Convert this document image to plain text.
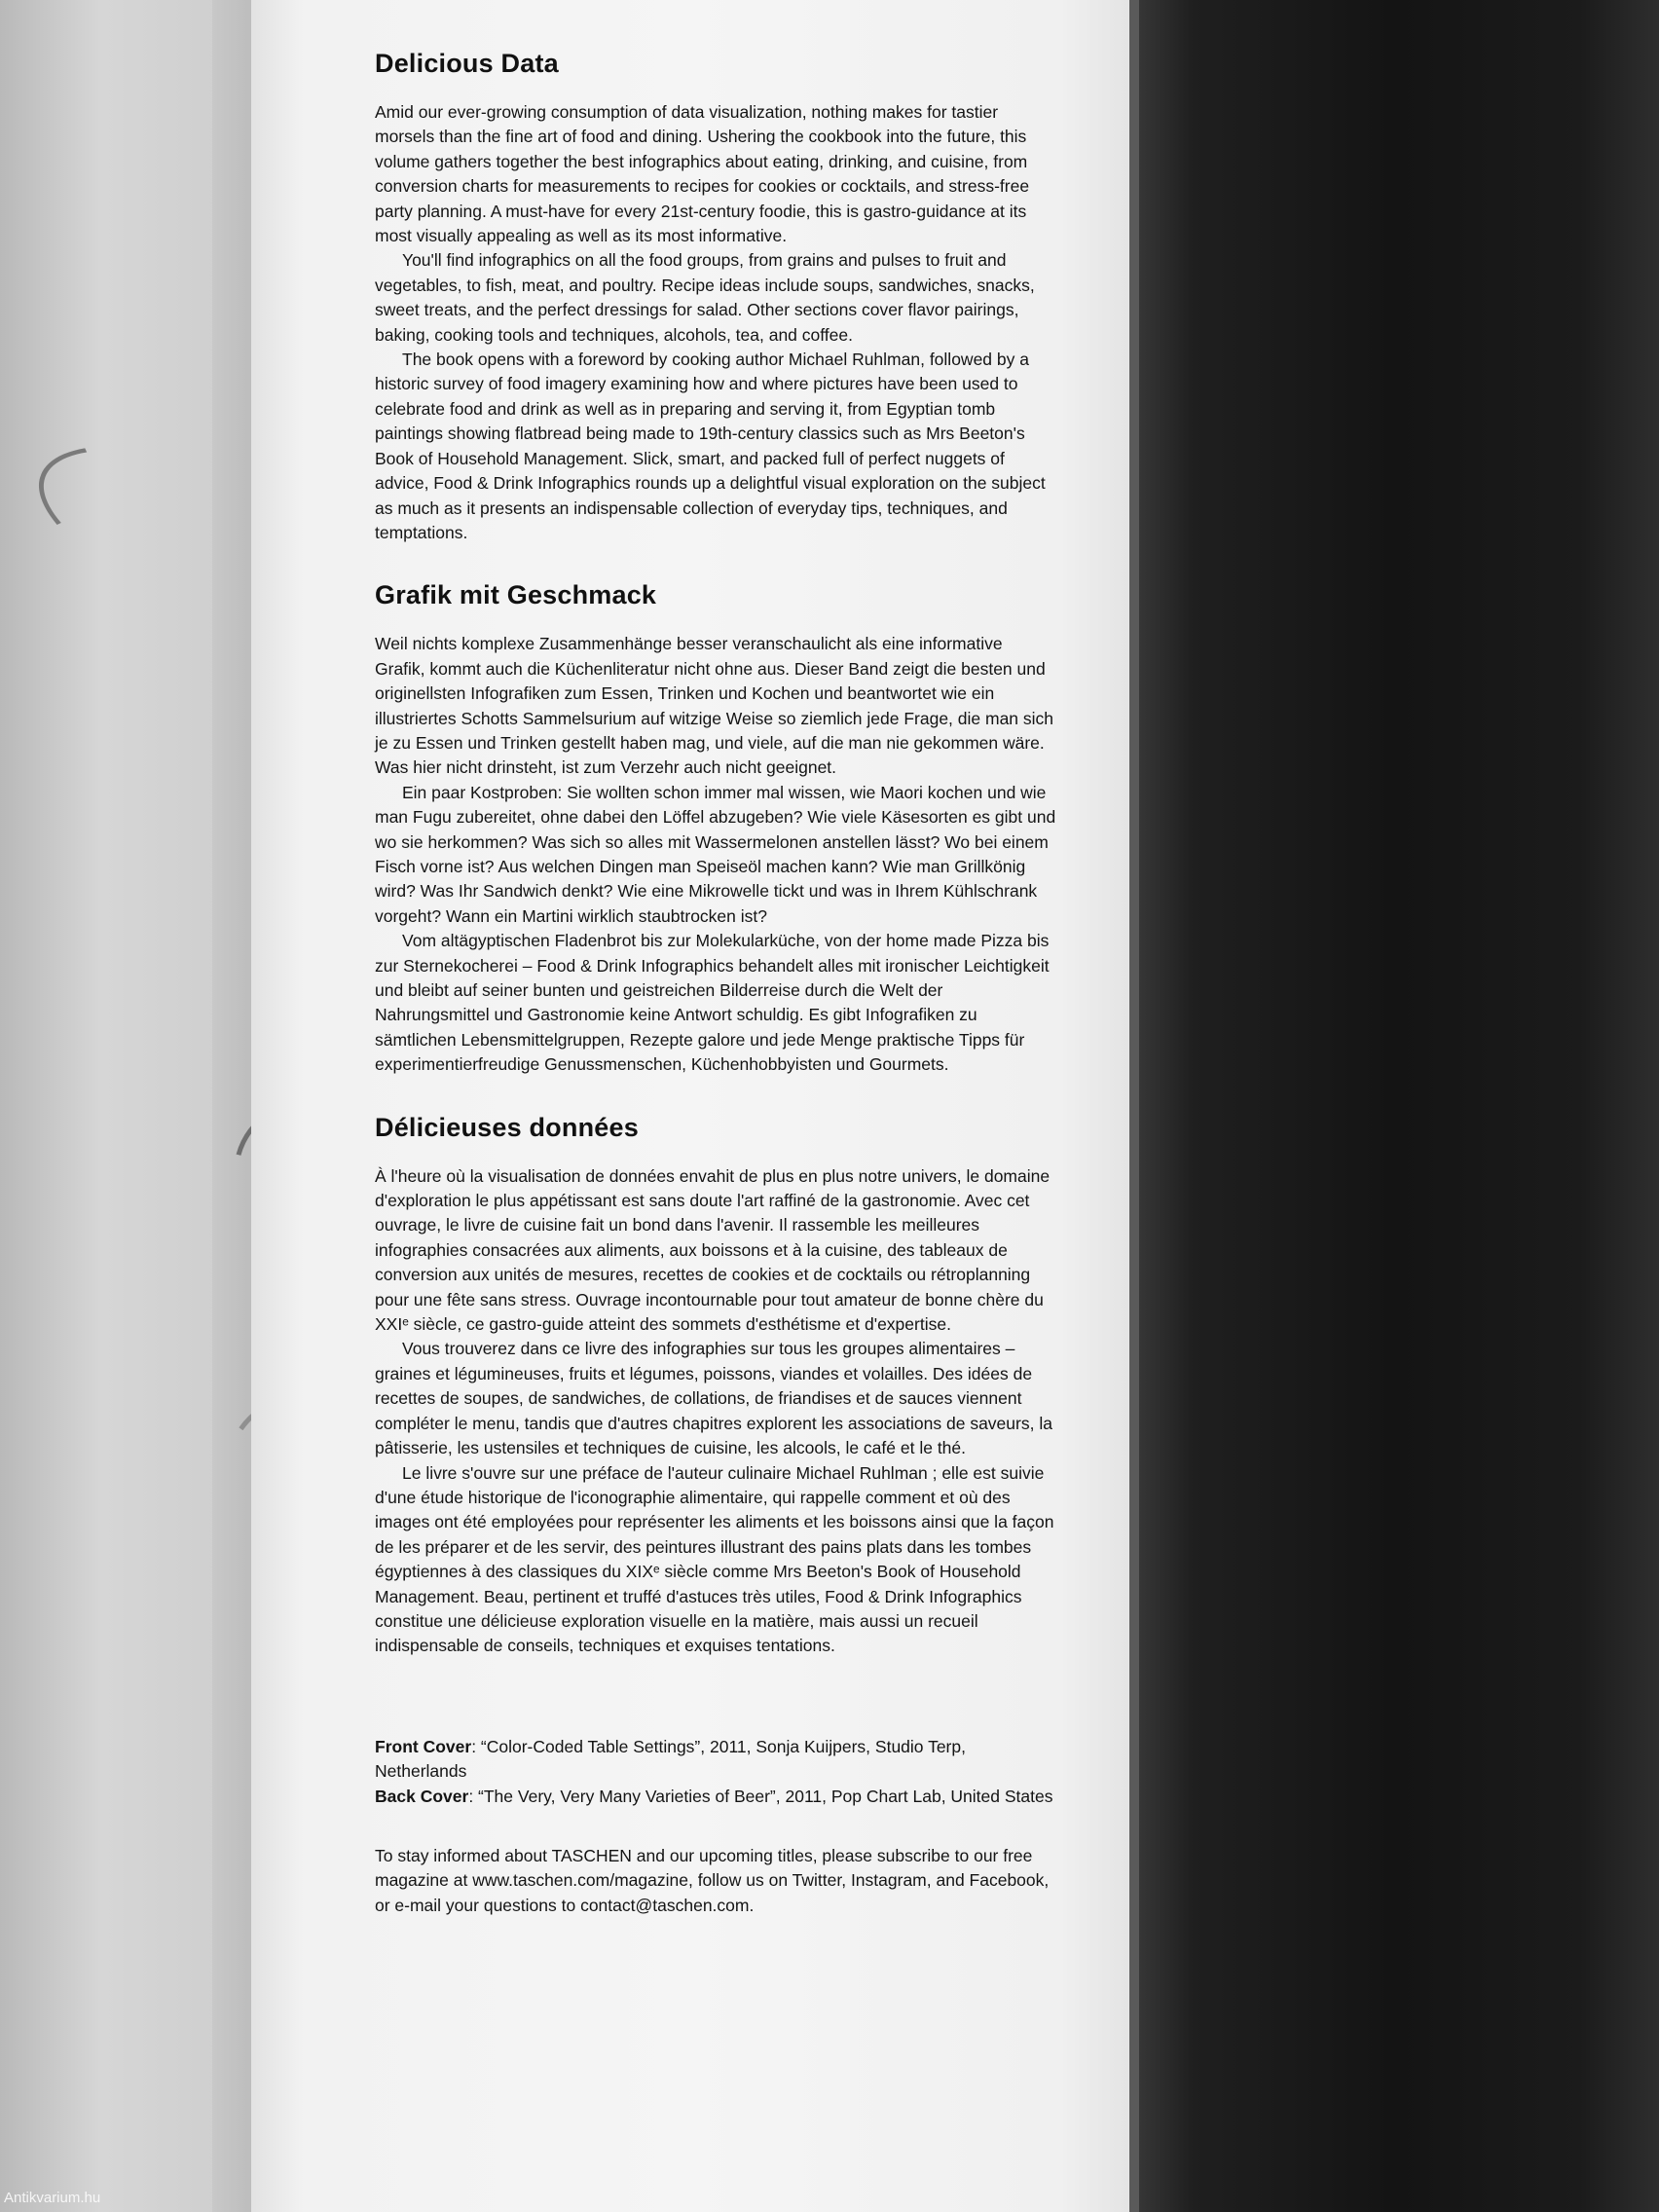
Delicious Data

Amid our ever-growing consumption of data visualization, nothing makes for tastier morsels than the fine art of food and dining. Ushering the cookbook into the future, this volume gathers together the best infographics about eating, drinking, and cuisine, from conversion charts for measurements to recipes for cookies or cocktails, and stress-free party planning. A must-have for every 21st-century foodie, this is gastro-guidance at its most visually appealing as well as its most informative.

You'll find infographics on all the food groups, from grains and pulses to fruit and vegetables, to fish, meat, and poultry. Recipe ideas include soups, sandwiches, snacks, sweet treats, and the perfect dressings for salad. Other sections cover flavor pairings, baking, cooking tools and techniques, alcohols, tea, and coffee.

The book opens with a foreword by cooking author Michael Ruhlman, followed by a historic survey of food imagery examining how and where pictures have been used to celebrate food and drink as well as in preparing and serving it, from Egyptian tomb paintings showing flatbread being made to 19th-century classics such as Mrs Beeton's Book of Household Management. Slick, smart, and packed full of perfect nuggets of advice, Food & Drink Infographics rounds up a delightful visual exploration on the subject as much as it presents an indispensable collection of everyday tips, techniques, and temptations.

Grafik mit Geschmack

Weil nichts komplexe Zusammenhänge besser veranschaulicht als eine informative Grafik, kommt auch die Küchenliteratur nicht ohne aus. Dieser Band zeigt die besten und originellsten Infografiken zum Essen, Trinken und Kochen und beantwortet wie ein illustriertes Schotts Sammelsurium auf witzige Weise so ziemlich jede Frage, die man sich je zu Essen und Trinken gestellt haben mag, und viele, auf die man nie gekommen wäre. Was hier nicht drinsteht, ist zum Verzehr auch nicht geeignet.

Ein paar Kostproben: Sie wollten schon immer mal wissen, wie Maori kochen und wie man Fugu zubereitet, ohne dabei den Löffel abzugeben? Wie viele Käsesorten es gibt und wo sie herkommen? Was sich so alles mit Wassermelonen anstellen lässt? Wo bei einem Fisch vorne ist? Aus welchen Dingen man Speiseöl machen kann? Wie man Grillkönig wird? Was Ihr Sandwich denkt? Wie eine Mikrowelle tickt und was in Ihrem Kühlschrank vorgeht? Wann ein Martini wirklich staubtrocken ist?

Vom altägyptischen Fladenbrot bis zur Molekularküche, von der home made Pizza bis zur Sternekocherei – Food & Drink Infographics behandelt alles mit ironischer Leichtigkeit und bleibt auf seiner bunten und geistreichen Bilderreise durch die Welt der Nahrungsmittel und Gastronomie keine Antwort schuldig. Es gibt Infografiken zu sämtlichen Lebensmittelgruppen, Rezepte galore und jede Menge praktische Tipps für experimentierfreudige Genussmenschen, Küchenhobbyisten und Gourmets.

Délicieuses données

À l'heure où la visualisation de données envahit de plus en plus notre univers, le domaine d'exploration le plus appétissant est sans doute l'art raffiné de la gastronomie. Avec cet ouvrage, le livre de cuisine fait un bond dans l'avenir. Il rassemble les meilleures infographies consacrées aux aliments, aux boissons et à la cuisine, des tableaux de conversion aux unités de mesures, recettes de cookies et de cocktails ou rétroplanning pour une fête sans stress. Ouvrage incontournable pour tout amateur de bonne chère du XXIᵉ siècle, ce gastro-guide atteint des sommets d'esthétisme et d'expertise.

Vous trouverez dans ce livre des infographies sur tous les groupes alimentaires – graines et légumineuses, fruits et légumes, poissons, viandes et volailles. Des idées de recettes de soupes, de sandwiches, de collations, de friandises et de sauces viennent compléter le menu, tandis que d'autres chapitres explorent les associations de saveurs, la pâtisserie, les ustensiles et techniques de cuisine, les alcools, le café et le thé.

Le livre s'ouvre sur une préface de l'auteur culinaire Michael Ruhlman ; elle est suivie d'une étude historique de l'iconographie alimentaire, qui rappelle comment et où des images ont été employées pour représenter les aliments et les boissons ainsi que la façon de les préparer et de les servir, des peintures illustrant des pains plats dans les tombes égyptiennes à des classiques du XIXᵉ siècle comme Mrs Beeton's Book of Household Management. Beau, pertinent et truffé d'astuces très utiles, Food & Drink Infographics constitue une délicieuse exploration visuelle en la matière, mais aussi un recueil indispensable de conseils, techniques et exquises tentations.

Front Cover: “Color-Coded Table Settings”, 2011, Sonja Kuijpers, Studio Terp, Netherlands
Back Cover: “The Very, Very Many Varieties of Beer”, 2011, Pop Chart Lab, United States
To stay informed about TASCHEN and our upcoming titles, please subscribe to our free magazine at www.taschen.com/magazine, follow us on Twitter, Instagram, and Facebook, or e-mail your questions to contact@taschen.com.
Antikvarium.hu
